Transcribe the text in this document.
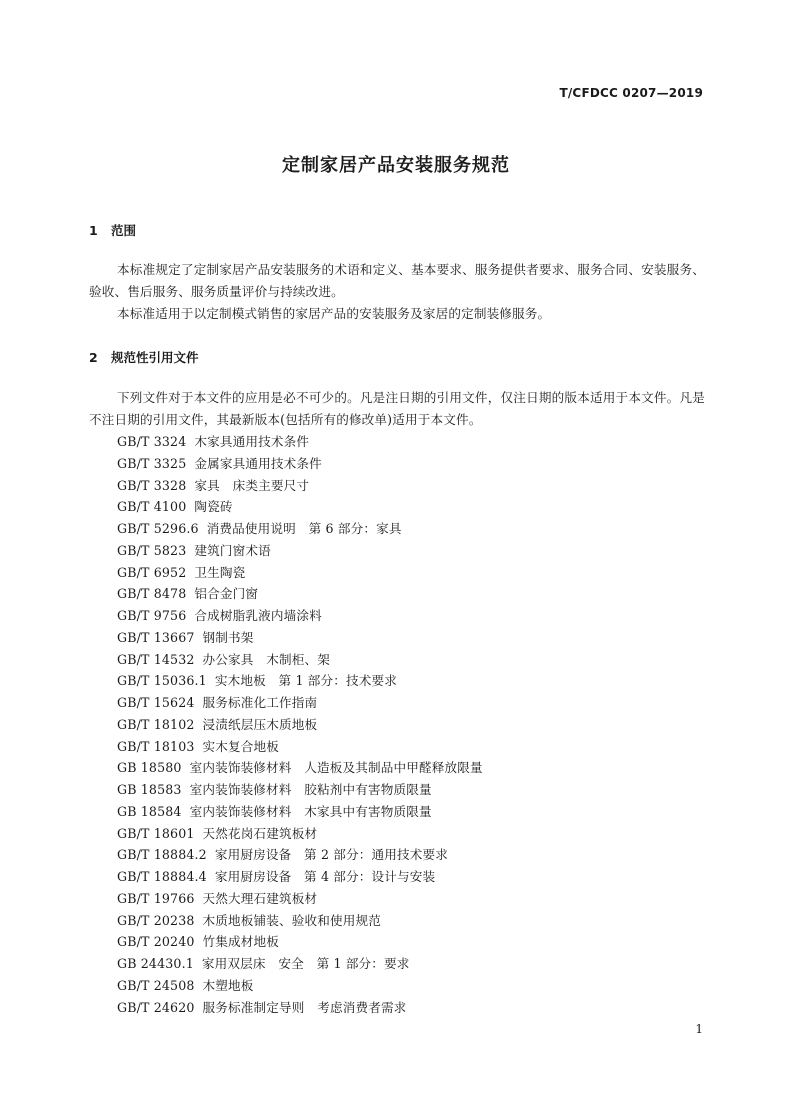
T/CFDCC 0207—2019
定制家居产品安装服务规范
1 范围
本标准规定了定制家居产品安装服务的术语和定义、基本要求、服务提供者要求、服务合同、安装服务、验收、售后服务、服务质量评价与持续改进。
本标准适用于以定制模式销售的家居产品的安装服务及家居的定制装修服务。
2 规范性引用文件
下列文件对于本文件的应用是必不可少的。凡是注日期的引用文件，仅注日期的版本适用于本文件。凡是不注日期的引用文件，其最新版本(包括所有的修改单)适用于本文件。
GB/T 3324 木家具通用技术条件
GB/T 3325 金属家具通用技术条件
GB/T 3328 家具　床类主要尺寸
GB/T 4100 陶瓷砖
GB/T 5296.6 消费品使用说明　第 6 部分：家具
GB/T 5823 建筑门窗术语
GB/T 6952 卫生陶瓷
GB/T 8478 铝合金门窗
GB/T 9756 合成树脂乳液内墙涂料
GB/T 13667 钢制书架
GB/T 14532 办公家具　木制柜、架
GB/T 15036.1 实木地板　第 1 部分：技术要求
GB/T 15624 服务标准化工作指南
GB/T 18102 浸渍纸层压木质地板
GB/T 18103 实木复合地板
GB 18580 室内装饰装修材料　人造板及其制品中甲醛释放限量
GB 18583 室内装饰装修材料　胶粘剂中有害物质限量
GB 18584 室内装饰装修材料　木家具中有害物质限量
GB/T 18601 天然花岗石建筑板材
GB/T 18884.2 家用厨房设备　第 2 部分：通用技术要求
GB/T 18884.4 家用厨房设备　第 4 部分：设计与安装
GB/T 19766 天然大理石建筑板材
GB/T 20238 木质地板铺装、验收和使用规范
GB/T 20240 竹集成材地板
GB 24430.1 家用双层床　安全　第 1 部分：要求
GB/T 24508 木塑地板
GB/T 24620 服务标准制定导则　考虑消费者需求
1
